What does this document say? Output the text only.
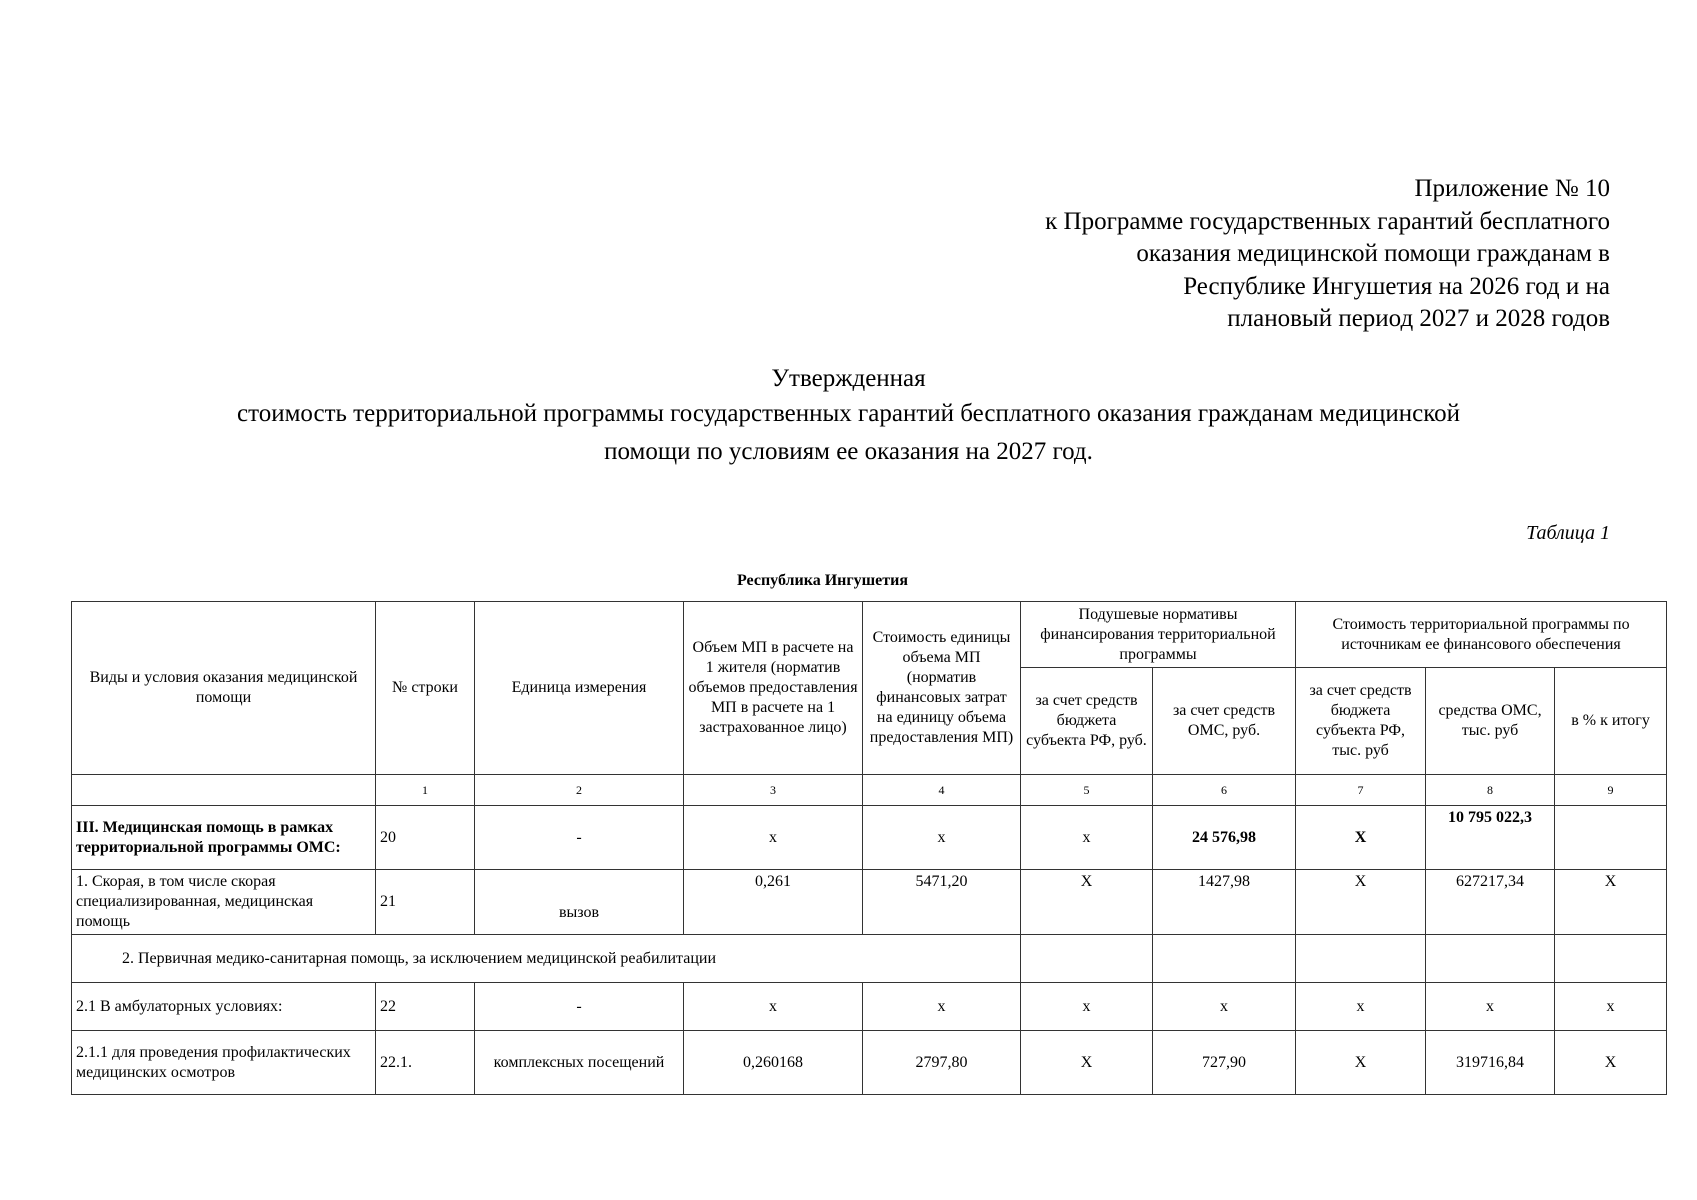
Приложение № 10
к Программе государственных гарантий бесплатного
оказания медицинской помощи гражданам в
Республике Ингушетия на 2026 год и на
плановый период 2027 и 2028 годов
Утвержденная
стоимость территориальной программы государственных гарантий бесплатного оказания гражданам медицинской
помощи по условиям ее оказания на 2027 год.
Таблица 1
Республика Ингушетия
Виды и условия оказания медицинской помощи	№ строки	Единица измерения	Объем МП в расчете на 1 жителя (норматив объемов предоставления МП в расчете на 1 застрахованное лицо)	Стоимость единицы объема МП (норматив финансовых затрат на единицу объема предоставления МП)	Подушевые нормативы финансирования территориальной программы		Стоимость территориальной программы по источникам ее финансового обеспечения		
					за счет средств бюджета субъекта РФ, руб.	за счет средств ОМС, руб.	за счет средств бюджета субъекта РФ, тыс. руб	средства ОМС, тыс. руб	в % к итогу
	1	2	3	4	5	6	7	8	9
III. Медицинская помощь в рамках территориальной программы ОМС:	20	-	x	x	x	24 576,98	X	10 795 022,3	
1. Скорая, в том числе скорая специализированная, медицинская помощь	21	вызов	0,261	5471,20	X	1427,98	X	627217,34	X
2. Первичная медико-санитарная помощь, за исключением медицинской реабилитации									
2.1 В амбулаторных условиях:	22	-	x	x	x	x	x	x	x
2.1.1 для проведения профилактических медицинских осмотров	22.1.	комплексных посещений	0,260168	2797,80	X	727,90	X	319716,84	X
